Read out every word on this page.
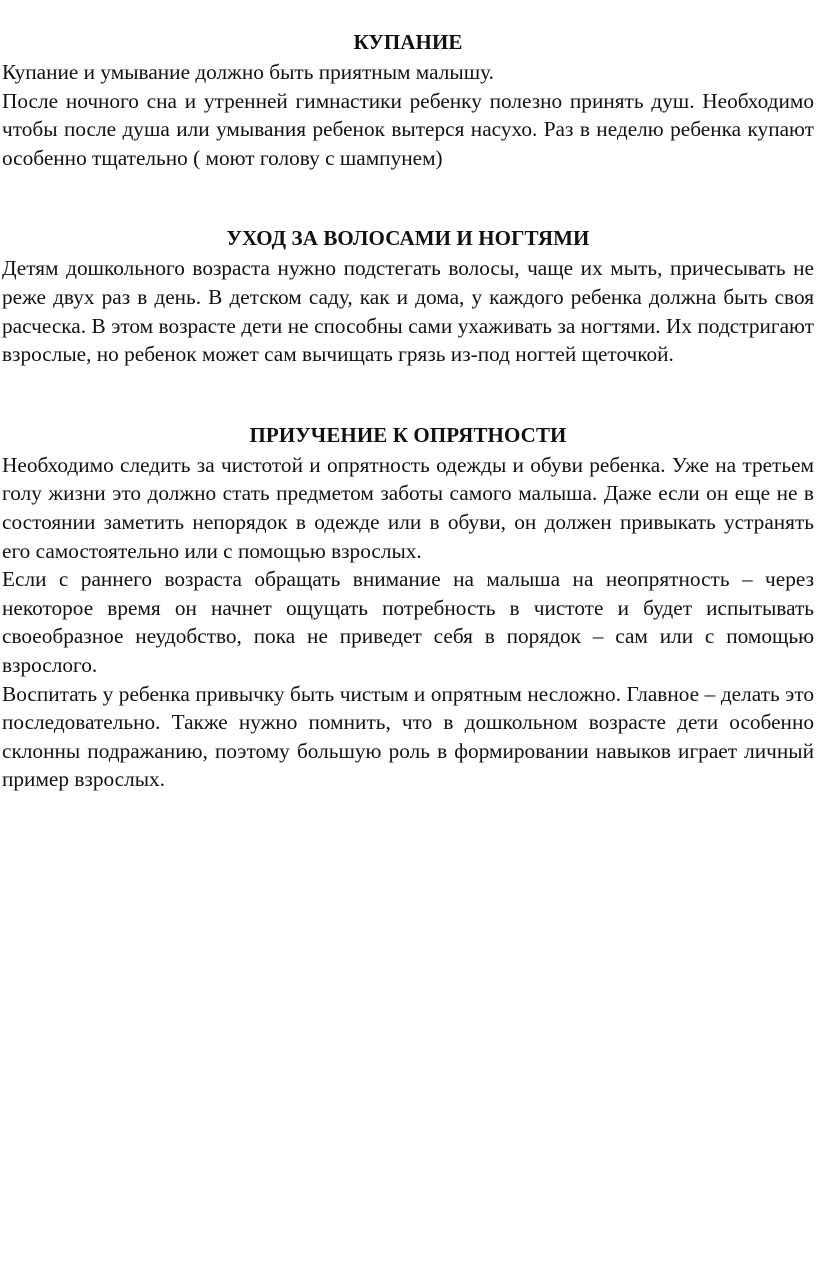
КУПАНИЕ

Купание и умывание должно быть приятным малышу.

После ночного сна и утренней гимнастики ребенку полезно принять душ. Необходимо чтобы после душа или умывания ребенок вытерся насухо. Раз в неделю ребенка купают особенно тщательно ( моют голову с шампунем)

УХОД ЗА ВОЛОСАМИ И НОГТЯМИ

Детям дошкольного возраста нужно подстегать волосы, чаще их мыть, причесывать не реже двух раз в день. В детском саду, как и дома, у каждого ребенка должна быть своя расческа. В этом возрасте дети не способны сами ухаживать за ногтями. Их подстригают взрослые, но ребенок может сам вычищать грязь из-под ногтей щеточкой.

ПРИУЧЕНИЕ К ОПРЯТНОСТИ

Необходимо следить за чистотой и опрятность одежды и обуви ребенка. Уже на третьем голу жизни это должно стать предметом заботы самого малыша. Даже если он еще не в состоянии заметить непорядок в одежде или в обуви, он должен привыкать устранять его самостоятельно или с помощью взрослых.

Если с раннего возраста обращать внимание на малыша на неопрятность – через некоторое время он начнет ощущать потребность в чистоте и будет испытывать своеобразное неудобство, пока не приведет себя в порядок – сам или с помощью взрослого.

Воспитать у ребенка привычку быть чистым и опрятным несложно. Главное – делать это последовательно. Также нужно помнить, что в дошкольном возрасте дети особенно склонны подражанию, поэтому большую роль в формировании навыков играет личный пример взрослых.
